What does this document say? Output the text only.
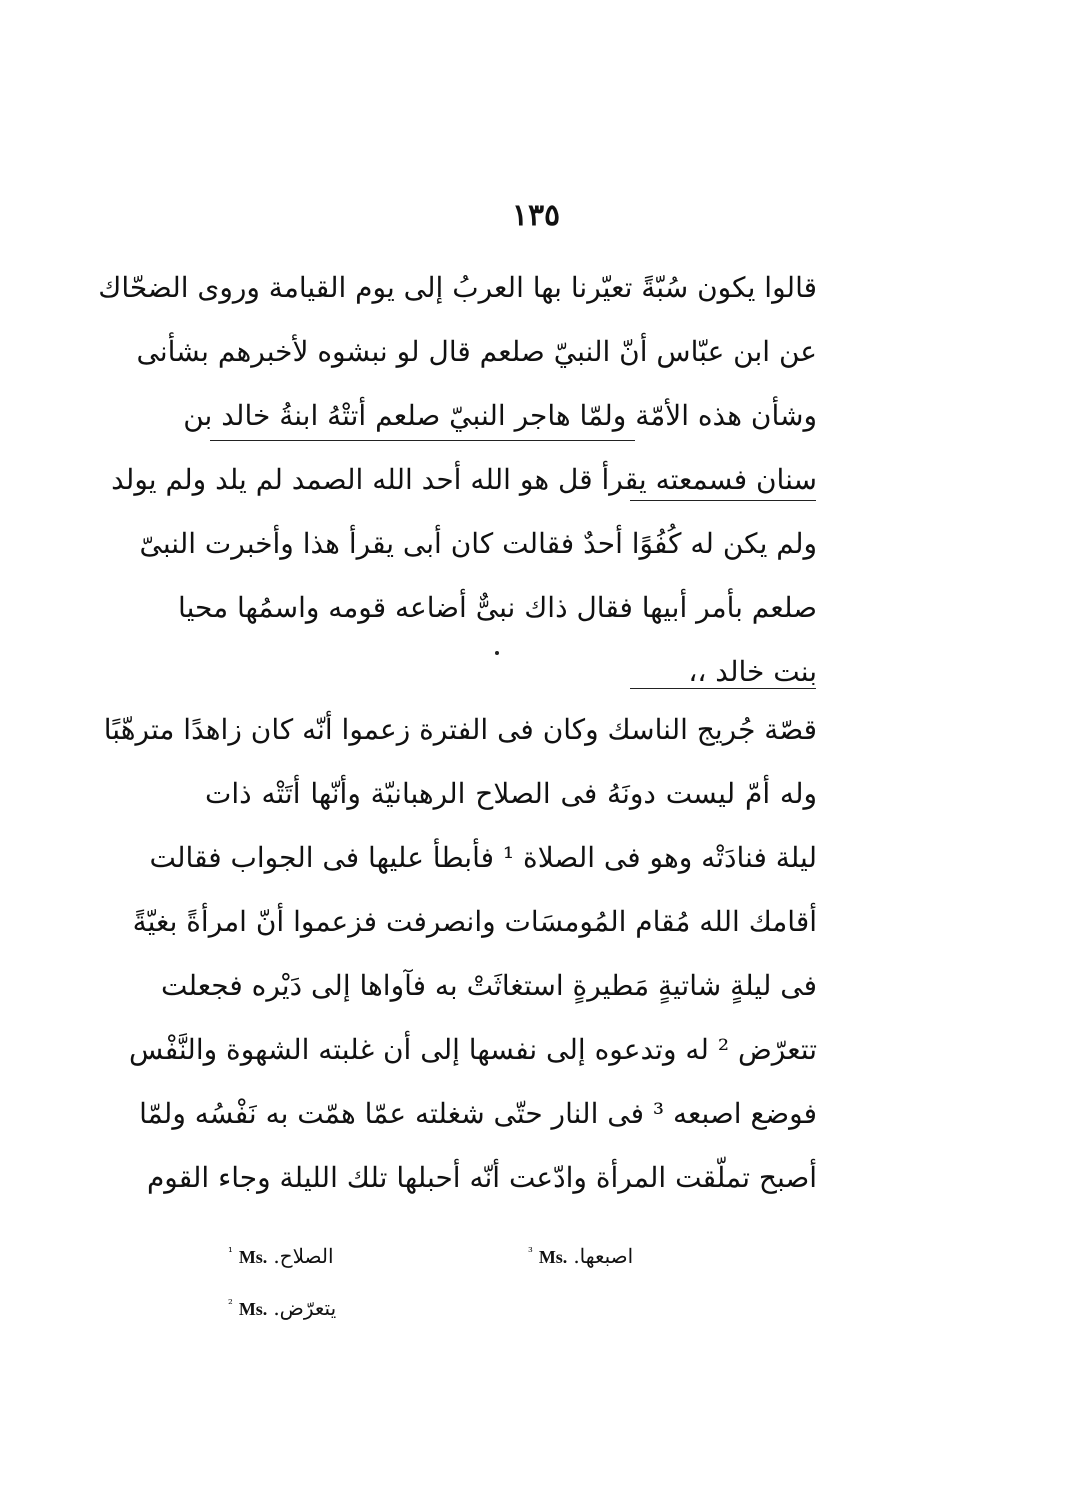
١٣٥
قالوا يكون سُبّةً تعيّرنا بها العربُ إلى يوم القيامة وروى الضحّاك
عن ابن عبّاس أنّ النبيّ صلعم قال لو نبشوه لأخبرهم بشأنى
وشأن هذه الأمّة ولمّا هاجر النبيّ صلعم أتتْهُ ابنةُ خالد بن
سنان فسمعته يقرأ قل هو الله أحد الله الصمد لم يلد ولم يولد
ولم يكن له كُفُوًا أحدٌ فقالت كان أبى يقرأ هذا وأخبرت النبىّ
صلعم بأمر أبيها فقال ذاك نبىٌّ أضاعه قومه واسمُها محيا
بنت خالد ،،
قصّة جُريج الناسك وكان فى الفترة زعموا أنّه كان زاهدًا مترهّبًا
وله أمّ ليست دونَهُ فى الصلاح الرهبانيّة وأنّها أتَتْه ذات
ليلة فنادَتْه وهو فى الصلاة ¹ فأبطأ عليها فى الجواب فقالت
أقامك الله مُقام المُومسَات وانصرفت فزعموا أنّ امرأةً بغيّةً
فى ليلةٍ شاتيةٍ مَطيرةٍ استغاثَتْ به فآواها إلى دَيْره فجعلت
تتعرّض ² له وتدعوه إلى نفسها إلى أن غلبته الشهوة والنَّفْس
فوضع اصبعه ³ فى النار حتّى شغلته عمّا همّت به نَفْسُه ولمّا
أصبح تملّقت المرأة وادّعت أنّه أحبلها تلك الليلة وجاء القوم
$^{^1}$ Ms. الصلاح.
$^{^2}$ Ms. يتعرّض.
$^{^3}$ Ms. اصبعها.
